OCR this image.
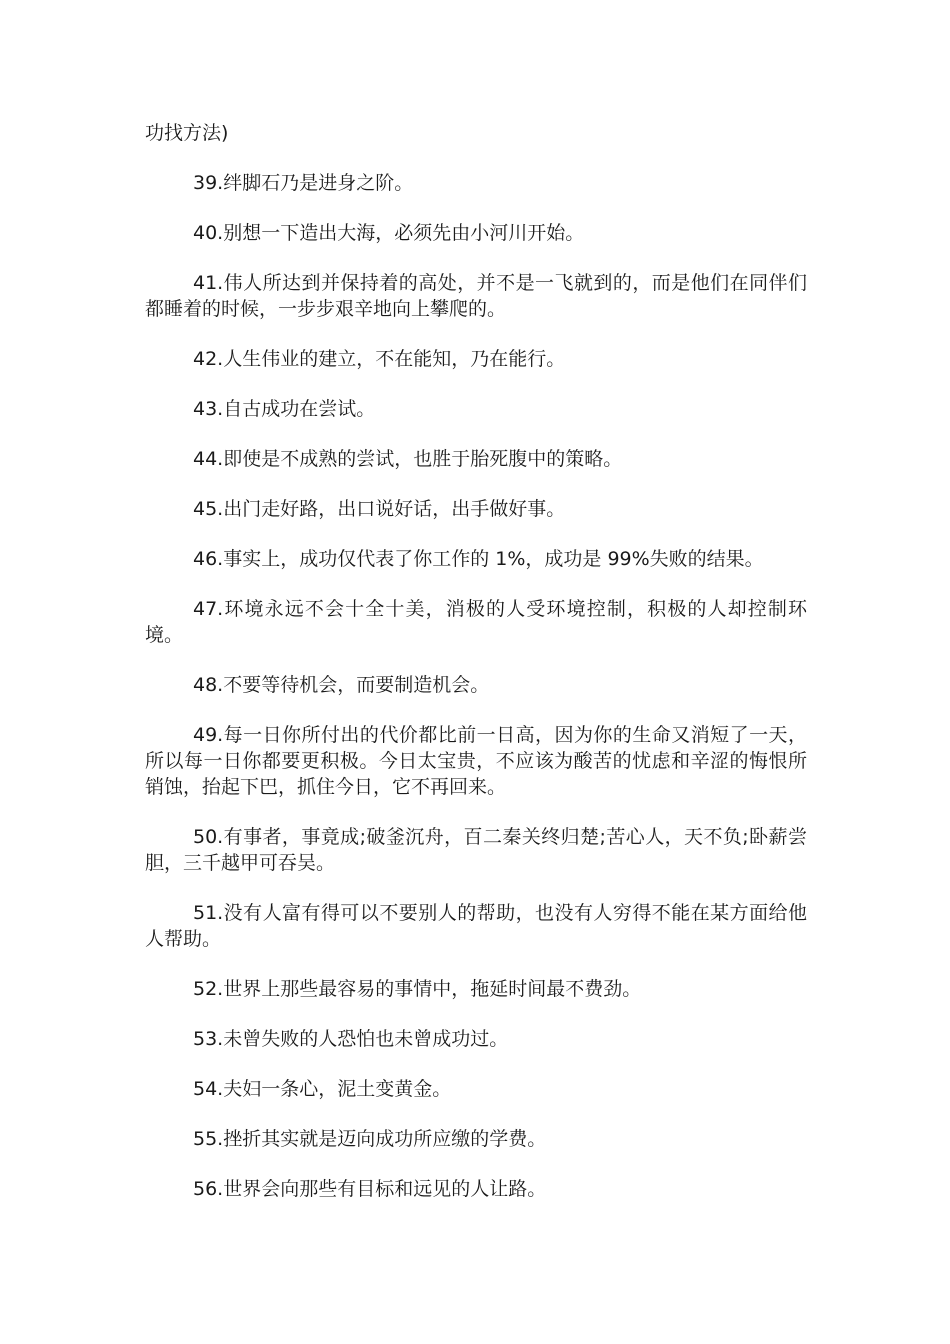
功找方法)

39.绊脚石乃是进身之阶。

40.别想一下造出大海，必须先由小河川开始。

41.伟人所达到并保持着的高处，并不是一飞就到的，而是他们在同伴们都睡着的时候，一步步艰辛地向上攀爬的。

42.人生伟业的建立，不在能知，乃在能行。

43.自古成功在尝试。

44.即使是不成熟的尝试，也胜于胎死腹中的策略。

45.出门走好路，出口说好话，出手做好事。

46.事实上，成功仅代表了你工作的 1%，成功是 99%失败的结果。

47.环境永远不会十全十美，消极的人受环境控制，积极的人却控制环境。

48.不要等待机会，而要制造机会。

49.每一日你所付出的代价都比前一日高，因为你的生命又消短了一天，所以每一日你都要更积极。今日太宝贵，不应该为酸苦的忧虑和辛涩的悔恨所销蚀，抬起下巴，抓住今日，它不再回来。

50.有事者，事竟成;破釜沉舟，百二秦关终归楚;苦心人，天不负;卧薪尝胆，三千越甲可吞吴。

51.没有人富有得可以不要别人的帮助，也没有人穷得不能在某方面给他人帮助。

52.世界上那些最容易的事情中，拖延时间最不费劲。

53.未曾失败的人恐怕也未曾成功过。

54.夫妇一条心，泥土变黄金。

55.挫折其实就是迈向成功所应缴的学费。

56.世界会向那些有目标和远见的人让路。
